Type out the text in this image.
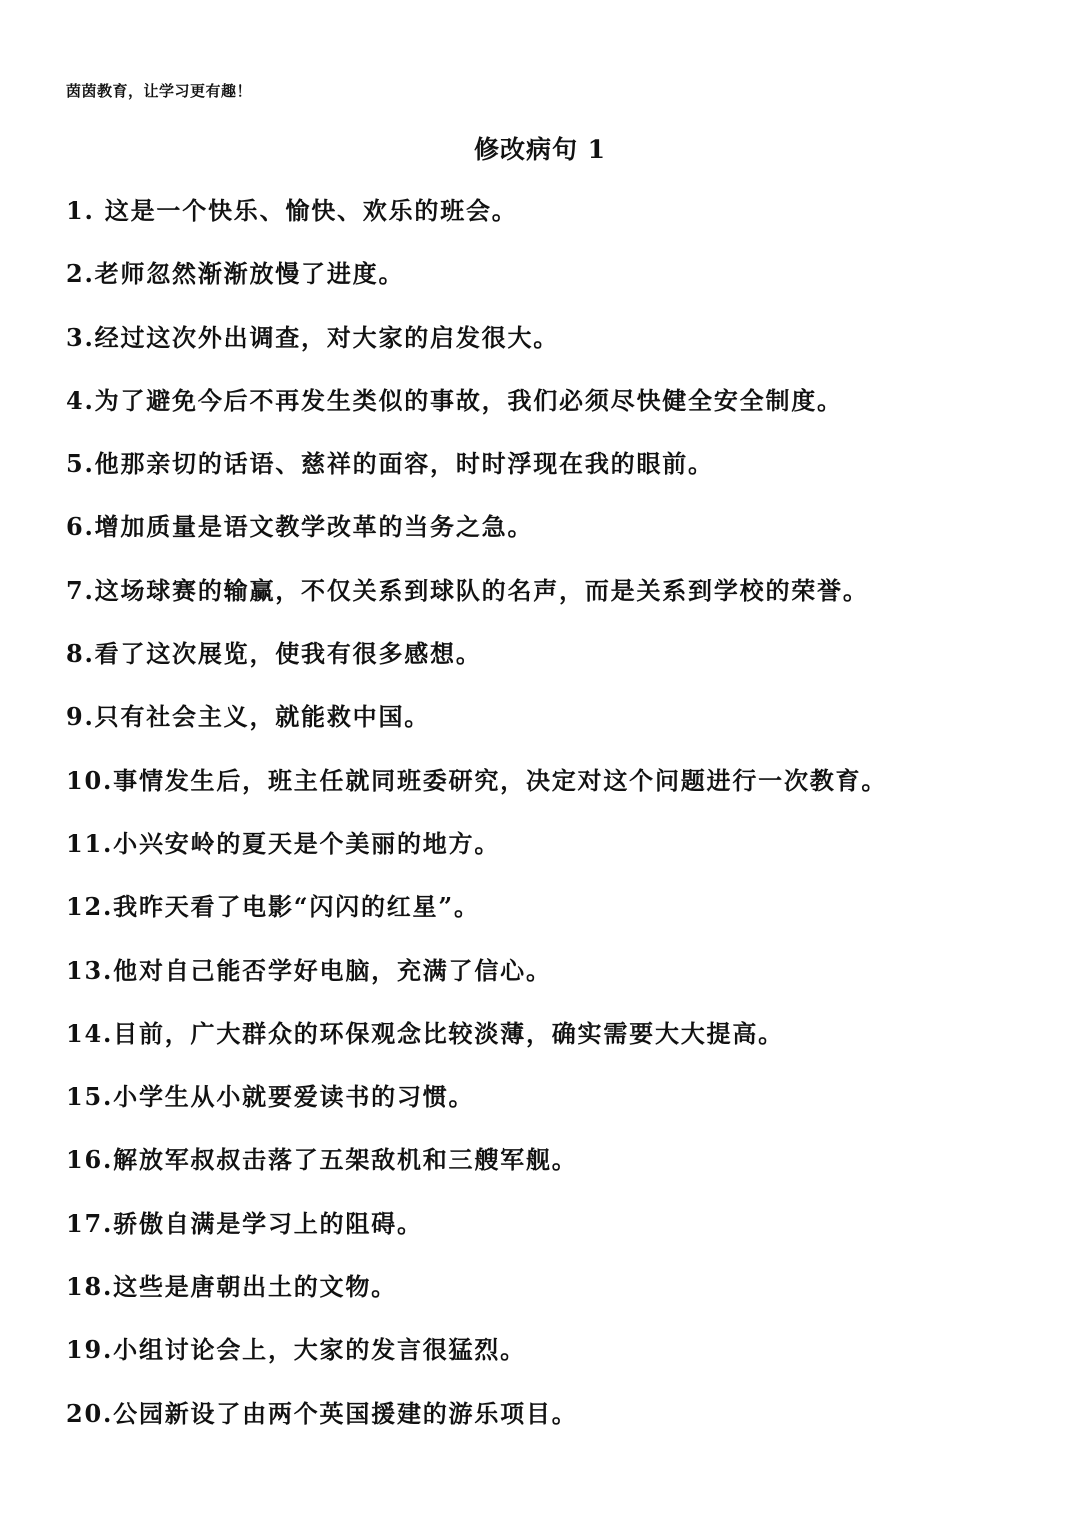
茵茵教育，让学习更有趣！
修改病句 1
1. 这是一个快乐、愉快、欢乐的班会。
2.老师忽然渐渐放慢了进度。
3.经过这次外出调查，对大家的启发很大。
4.为了避免今后不再发生类似的事故，我们必须尽快健全安全制度。
5.他那亲切的话语、慈祥的面容，时时浮现在我的眼前。
6.增加质量是语文教学改革的当务之急。
7.这场球赛的输赢，不仅关系到球队的名声，而是关系到学校的荣誉。
8.看了这次展览，使我有很多感想。
9.只有社会主义，就能救中国。
10.事情发生后，班主任就同班委研究，决定对这个问题进行一次教育。
11.小兴安岭的夏天是个美丽的地方。
12.我昨天看了电影“闪闪的红星”。
13.他对自己能否学好电脑，充满了信心。
14.目前，广大群众的环保观念比较淡薄，确实需要大大提高。
15.小学生从小就要爱读书的习惯。
16.解放军叔叔击落了五架敌机和三艘军舰。
17.骄傲自满是学习上的阻碍。
18.这些是唐朝出土的文物。
19.小组讨论会上，大家的发言很猛烈。
20.公园新设了由两个英国援建的游乐项目。
